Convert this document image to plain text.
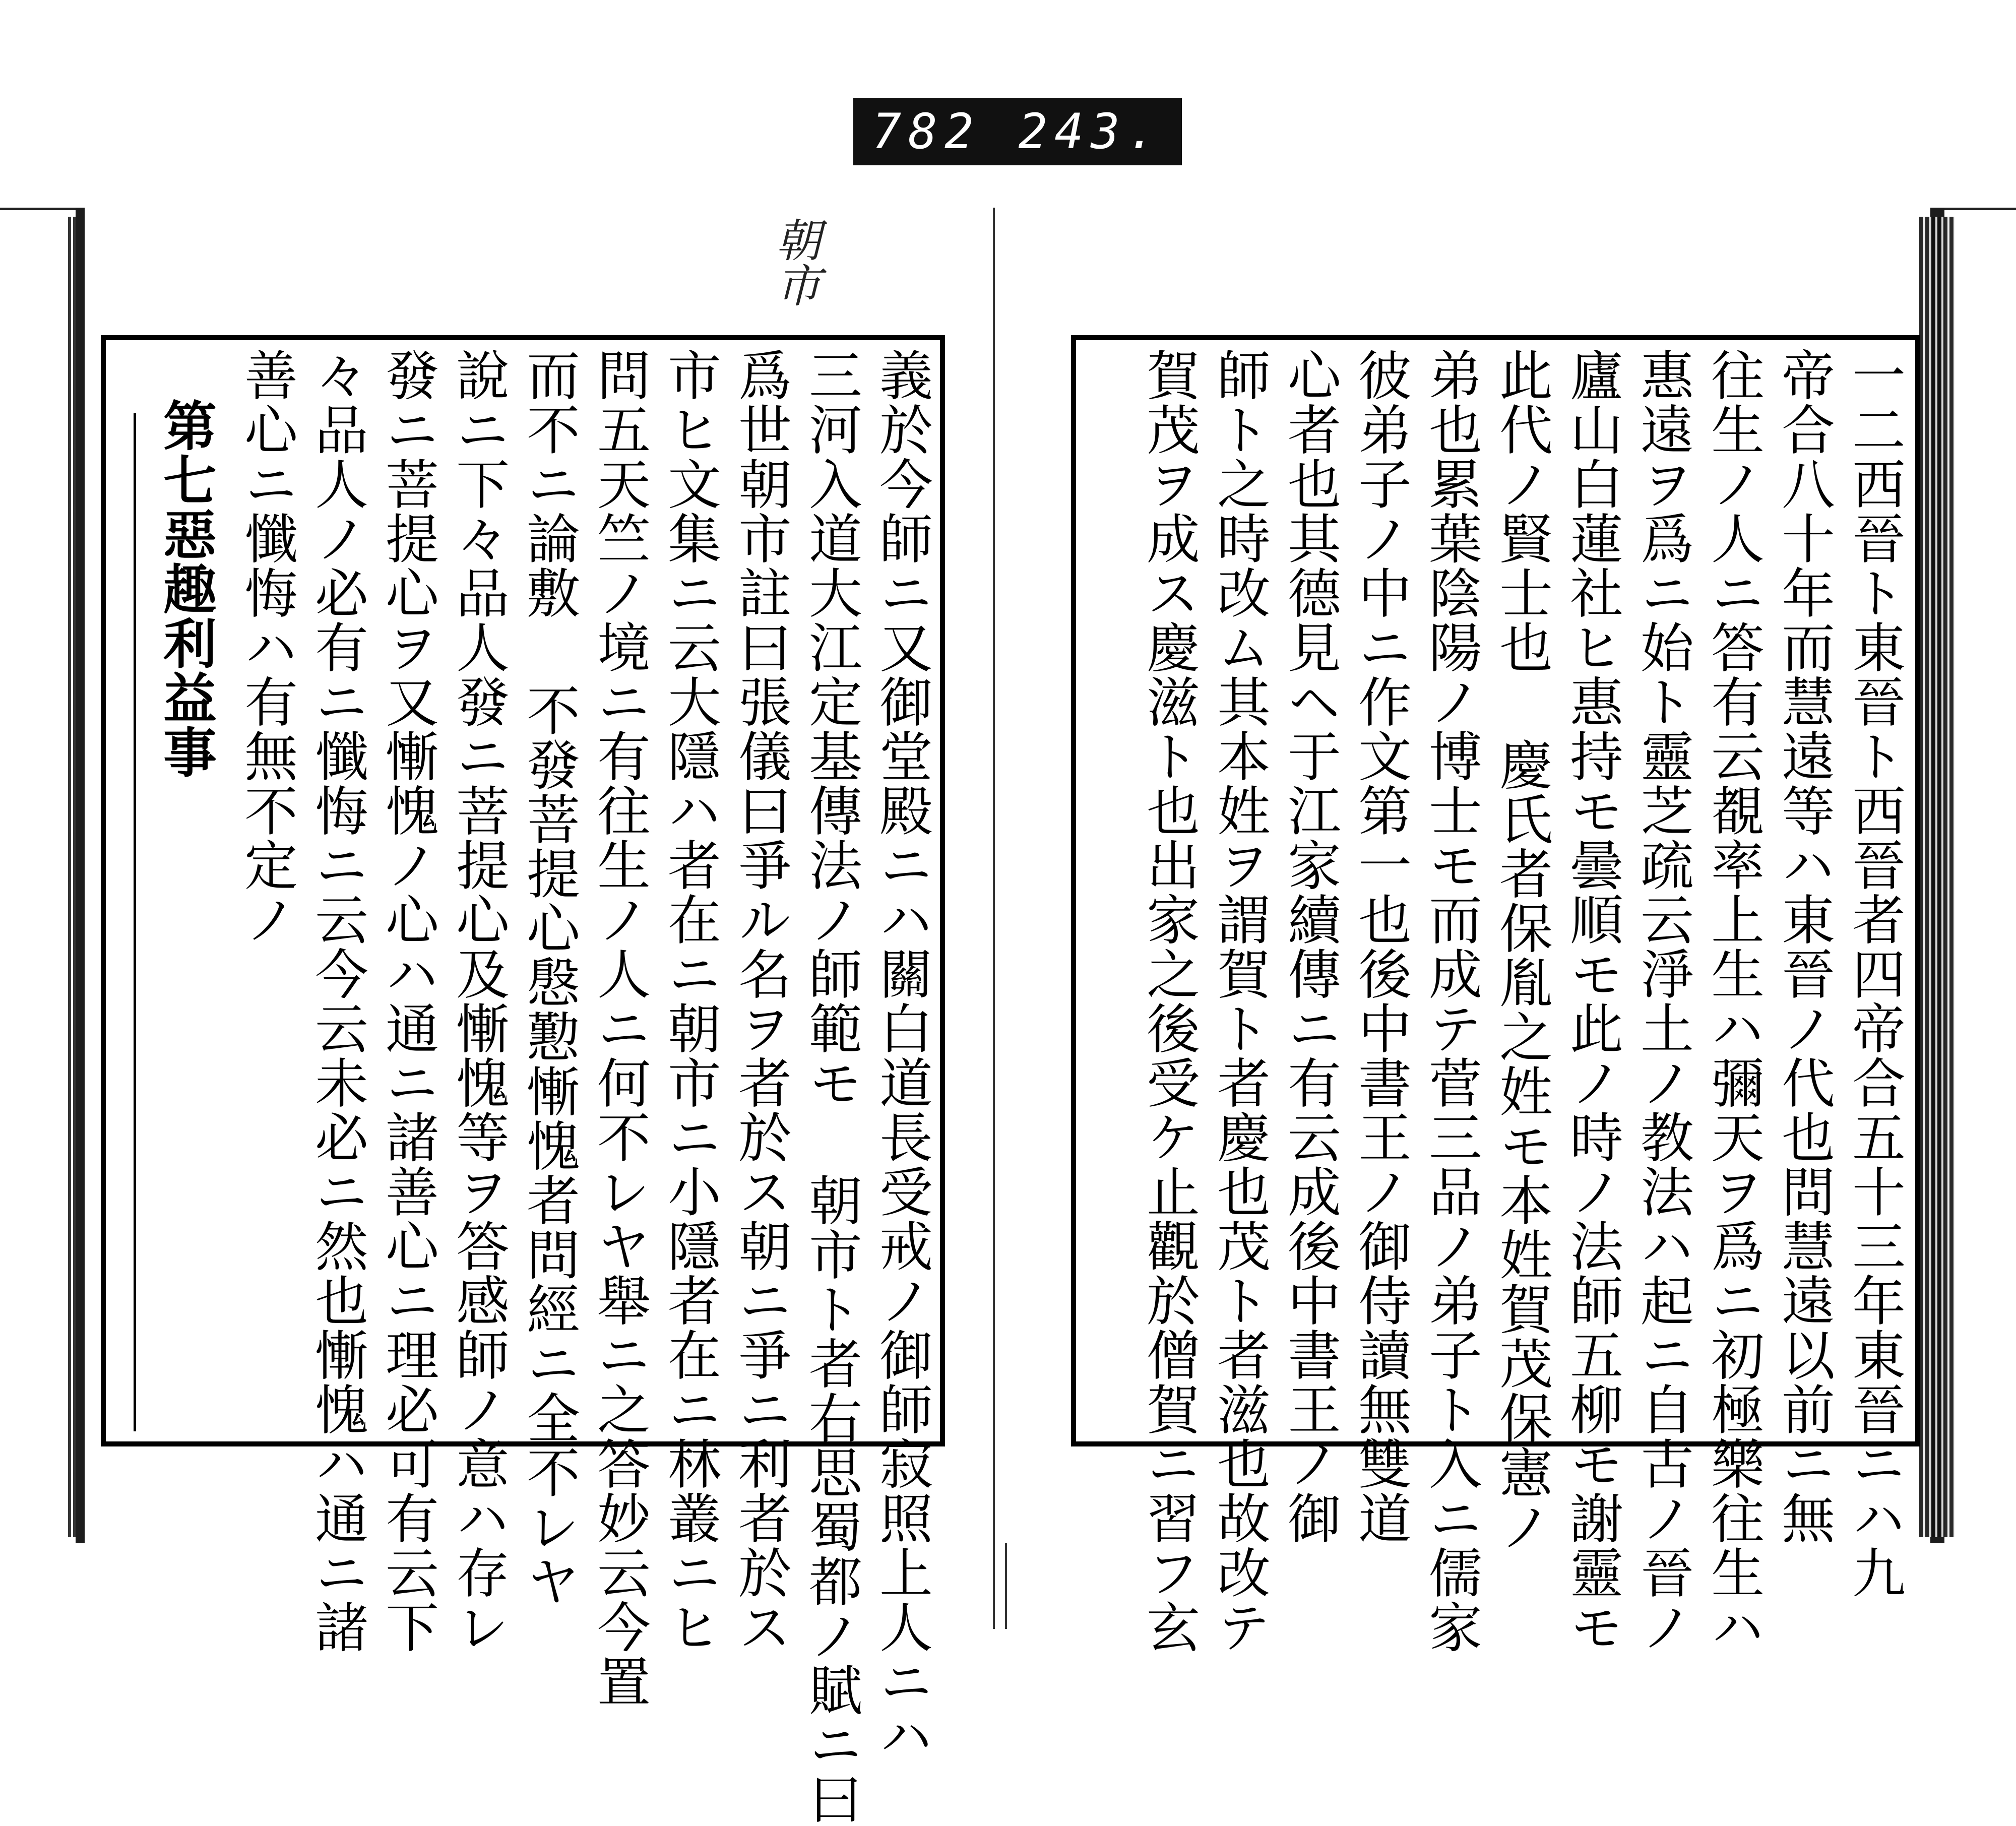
782 243.
朝市
義於今師ニ又御堂殿ニハ關白道長受戒ノ御師寂照上人ニハ
三河入道大江定基傳法ノ師範モ 朝市ト者右思蜀都ノ賦ニ曰
爲世朝市註曰張儀曰爭ル名ヲ者於ス朝ニ爭ニ利者於ス
市ヒ文集ニ云大隱ハ者在ニ朝市ニ小隱者在ニ林叢ニヒ
問五天竺ノ境ニ有往生ノ人ニ何不レヤ舉ニ之答妙云今置
而不ニ論敷 不發菩提心慇懃慚愧者問經ニ全不レヤ
說ニ下々品人發ニ菩提心及慚愧等ヲ答感師ノ意ハ存レ
發ニ菩提心ヲ又慚愧ノ心ハ通ニ諸善心ニ理必可有云下
々品人ノ必有ニ懺悔ニ云今云未必ニ然也慚愧ハ通ニ諸
善心ニ懺悔ハ有無不定ノ
第七惡趣利益事	一二西晉ト東晉ト西晉者四帝合五十三年東晉ニハ九
帝合八十年而慧遠等ハ東晉ノ代也問慧遠以前ニ無
往生ノ人ニ答有云覩率上生ハ彌天ヲ爲ニ初極樂往生ハ
惠遠ヲ爲ニ始ト靈芝疏云淨土ノ教法ハ起ニ自古ノ晉ノ
廬山白蓮社ヒ惠持モ曇順モ此ノ時ノ法師五柳モ謝靈モ
此代ノ賢士也 慶氏者保胤之姓モ本姓賀茂保憲ノ
弟也累葉陰陽ノ博士モ而成テ菅三品ノ弟子ト入ニ儒家
彼弟子ノ中ニ作文第一也後中書王ノ御侍讀無雙道
心者也其德見ヘ于江家續傳ニ有云成後中書王ノ御
師ト之時改ム其本姓ヲ謂賀ト者慶也茂ト者滋也故改テ
賀茂ヲ成ス慶滋ト也出家之後受ケ止觀於僧賀ニ習フ玄
